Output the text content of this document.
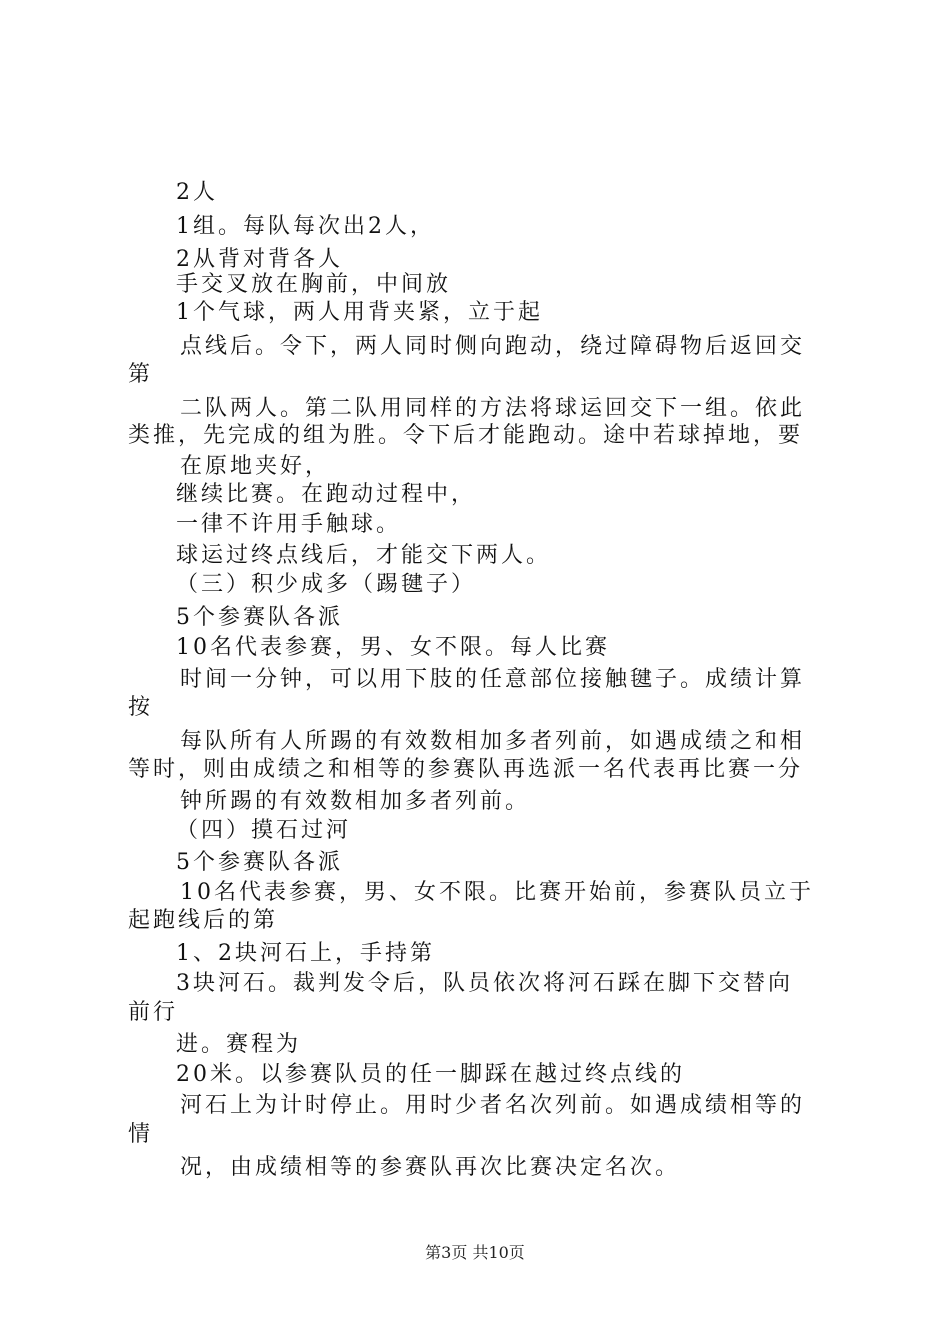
2人
1组。每队每次出2人，
2从背对背各人
手交叉放在胸前，中间放
1个气球，两人用背夹紧，立于起
点线后。令下，两人同时侧向跑动，绕过障碍物后返回交
第
二队两人。第二队用同样的方法将球运回交下一组。依此
类推，先完成的组为胜。令下后才能跑动。途中若球掉地，要
在原地夹好，
继续比赛。在跑动过程中，
一律不许用手触球。
球运过终点线后，才能交下两人。
（三）积少成多（踢毽子）
5个参赛队各派
10名代表参赛，男、女不限。每人比赛
时间一分钟，可以用下肢的任意部位接触毽子。成绩计算
按
每队所有人所踢的有效数相加多者列前，如遇成绩之和相
等时，则由成绩之和相等的参赛队再选派一名代表再比赛一分
钟所踢的有效数相加多者列前。
（四）摸石过河
5个参赛队各派
10名代表参赛，男、女不限。比赛开始前，参赛队员立于
起跑线后的第
1、2块河石上，手持第
3块河石。裁判发令后，队员依次将河石踩在脚下交替向
前行
进。赛程为
20米。以参赛队员的任一脚踩在越过终点线的
河石上为计时停止。用时少者名次列前。如遇成绩相等的
情
况，由成绩相等的参赛队再次比赛决定名次。
第3页 共10页
